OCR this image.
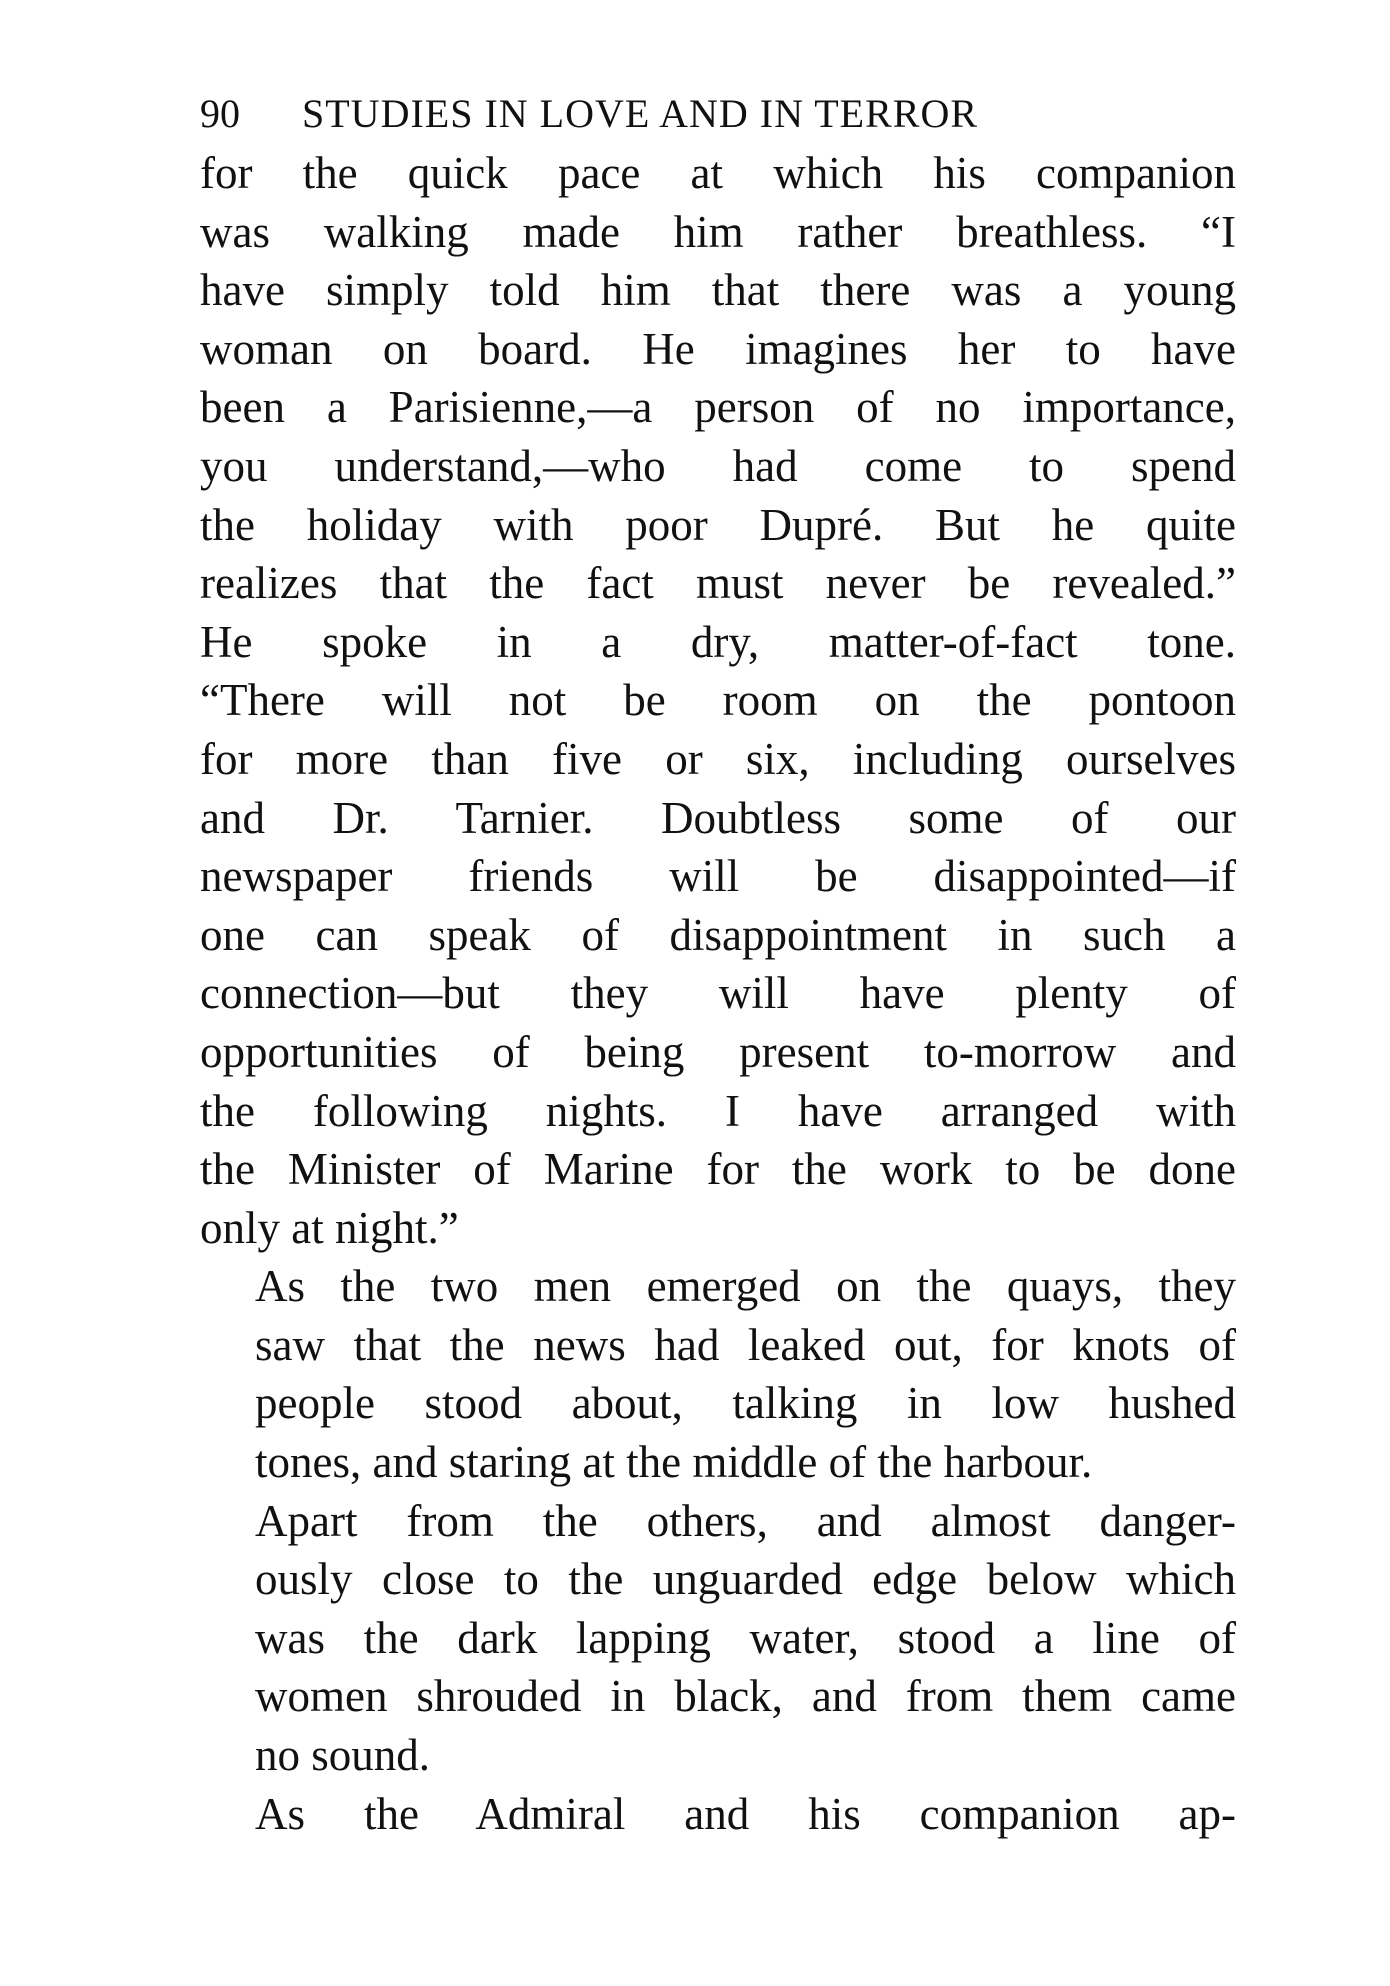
90 STUDIES IN LOVE AND IN TERROR
for the quick pace at which his companion
was walking made him rather breathless. “I
have simply told him that there was a young
woman on board. He imagines her to have
been a Parisienne,—a person of no importance,
you understand,—who had come to spend
the holiday with poor Dupré. But he quite
realizes that the fact must never be revealed.”
He spoke in a dry, matter-of-fact tone.
“There will not be room on the pontoon
for more than five or six, including ourselves
and Dr. Tarnier. Doubtless some of our
newspaper friends will be disappointed—if
one can speak of disappointment in such a
connection—but they will have plenty of
opportunities of being present to-morrow and
the following nights. I have arranged with
the Minister of Marine for the work to be done
only at night.”
As the two men emerged on the quays, they
saw that the news had leaked out, for knots of
people stood about, talking in low hushed
tones, and staring at the middle of the harbour.
Apart from the others, and almost danger-
ously close to the unguarded edge below which
was the dark lapping water, stood a line of
women shrouded in black, and from them came
no sound.
As the Admiral and his companion ap-
